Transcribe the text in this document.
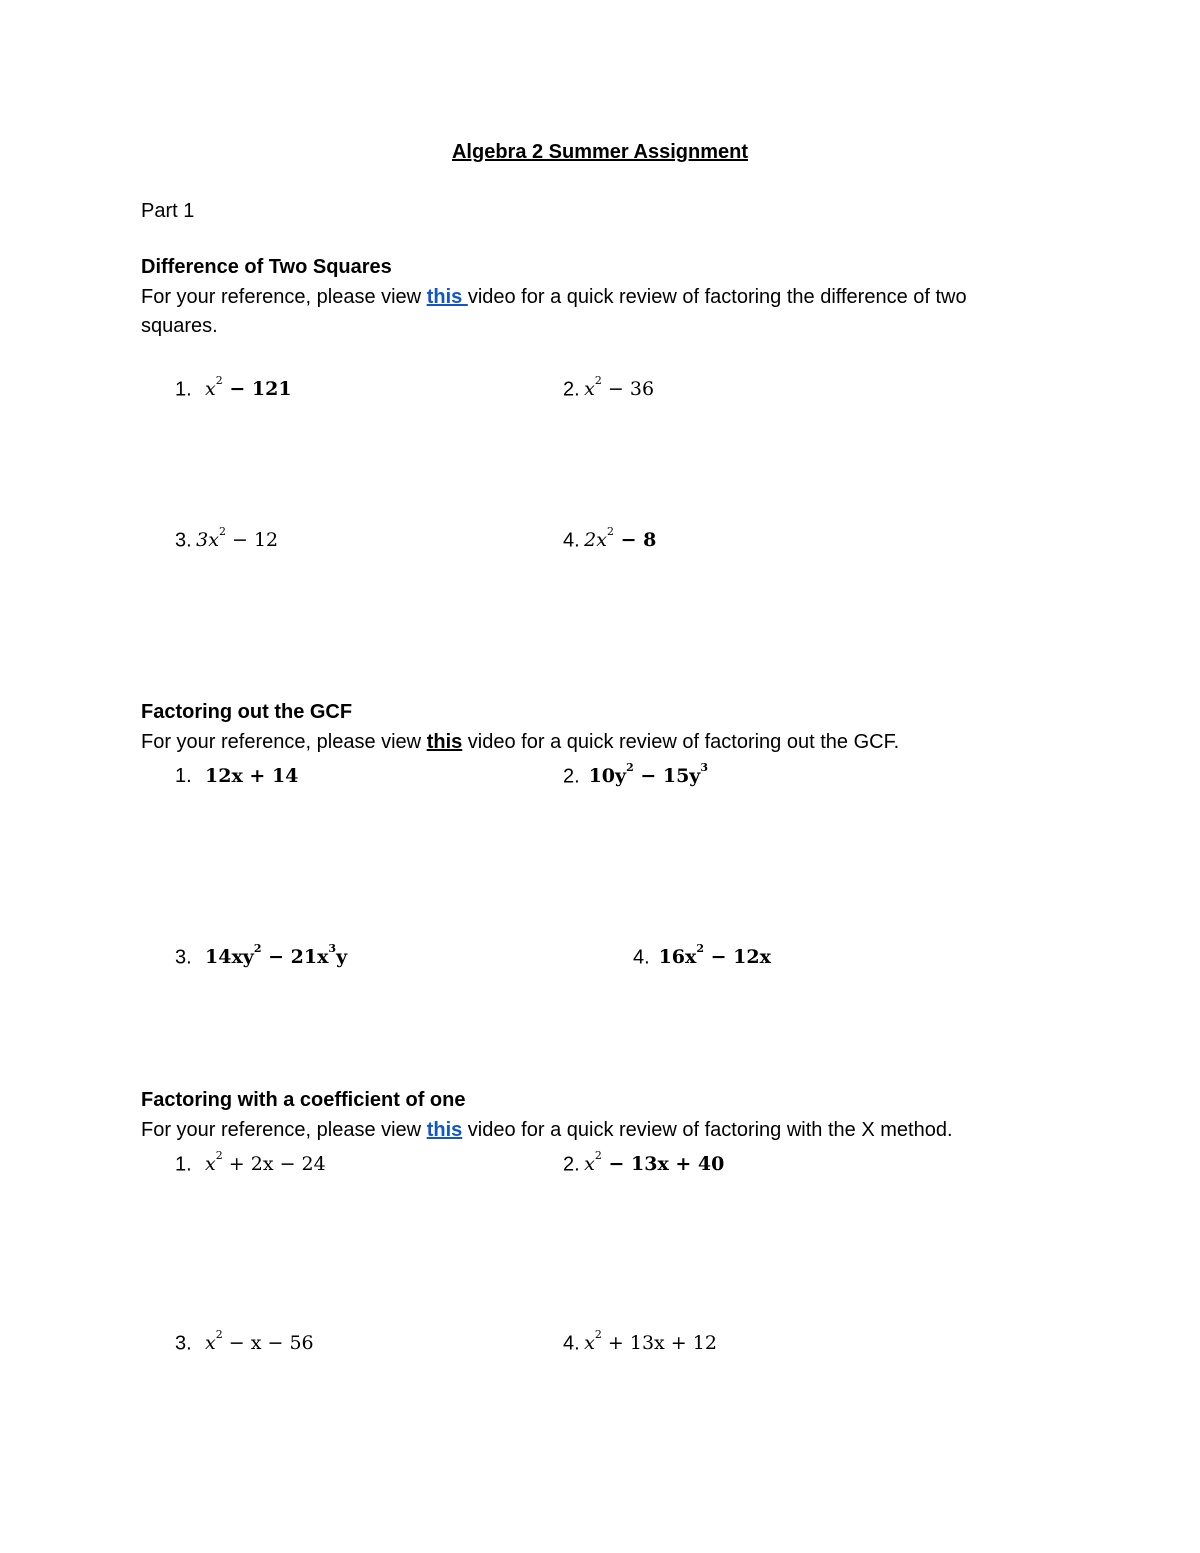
Algebra 2 Summer Assignment
Part 1
Difference of Two Squares
For your reference, please view this video for a quick review of factoring the difference of two
squares.
1. $x^2 - 121$	2. $x^2 - 36$
3. $3x^2 - 12$	4. $2x^2 - 8$
Factoring out the GCF
For your reference, please view this video for a quick review of factoring out the GCF.
1. 12x + 14	2. $10y^2 - 15y^3$
3. $14xy^2 - 21x^3y$	4. $16x^2 - 12x$
Factoring with a coefficient of one
For your reference, please view this video for a quick review of factoring with the X method.
1. $x^2 + 2x - 24$	2. $x^2 - 13x + 40$
3. $x^2 - x - 56$	4. $x^2 + 13x + 12$
